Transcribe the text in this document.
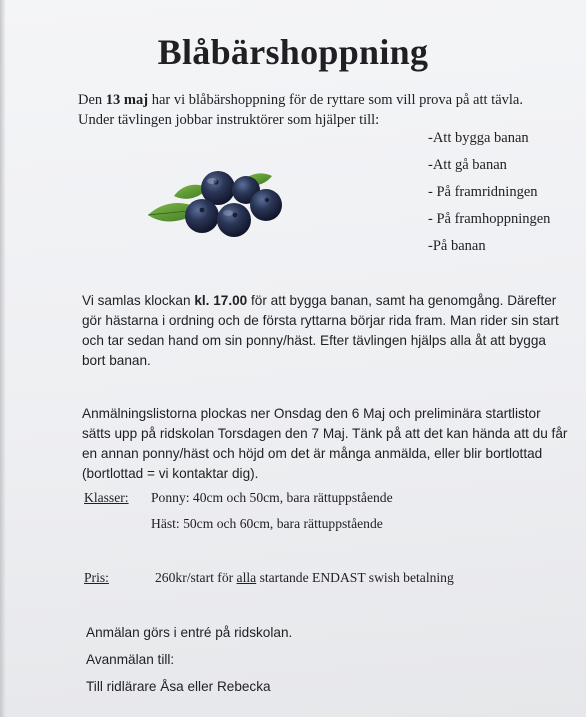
Blåbärshoppning
Den 13 maj har vi blåbärshoppning för de ryttare som vill prova på att tävla.
Under tävlingen jobbar instruktörer som hjälper till:
-Att bygga banan
-Att gå banan
- På framridningen
- På framhoppningen
-På banan
Vi samlas klockan kl. 17.00 för att bygga banan, samt ha genomgång. Därefter
gör hästarna i ordning och de första ryttarna börjar rida fram. Man rider sin start
och tar sedan hand om sin ponny/häst. Efter tävlingen hjälps alla åt att bygga
bort banan.
Anmälningslistorna plockas ner Onsdag den 6 Maj och preliminära startlistor
sätts upp på ridskolan Torsdagen den 7 Maj. Tänk på att det kan hända att du får
en annan ponny/häst och höjd om det är många anmälda, eller blir bortlottad
(bortlottad = vi kontaktar dig).
Klasser: Ponny: 40cm och 50cm, bara rättuppstående
Häst: 50cm och 60cm, bara rättuppstående
Pris:	260kr/start för alla startande ENDAST swish betalning
Anmälan görs i entré på ridskolan.
Avanmälan till:
Till ridlärare Åsa eller Rebecka
